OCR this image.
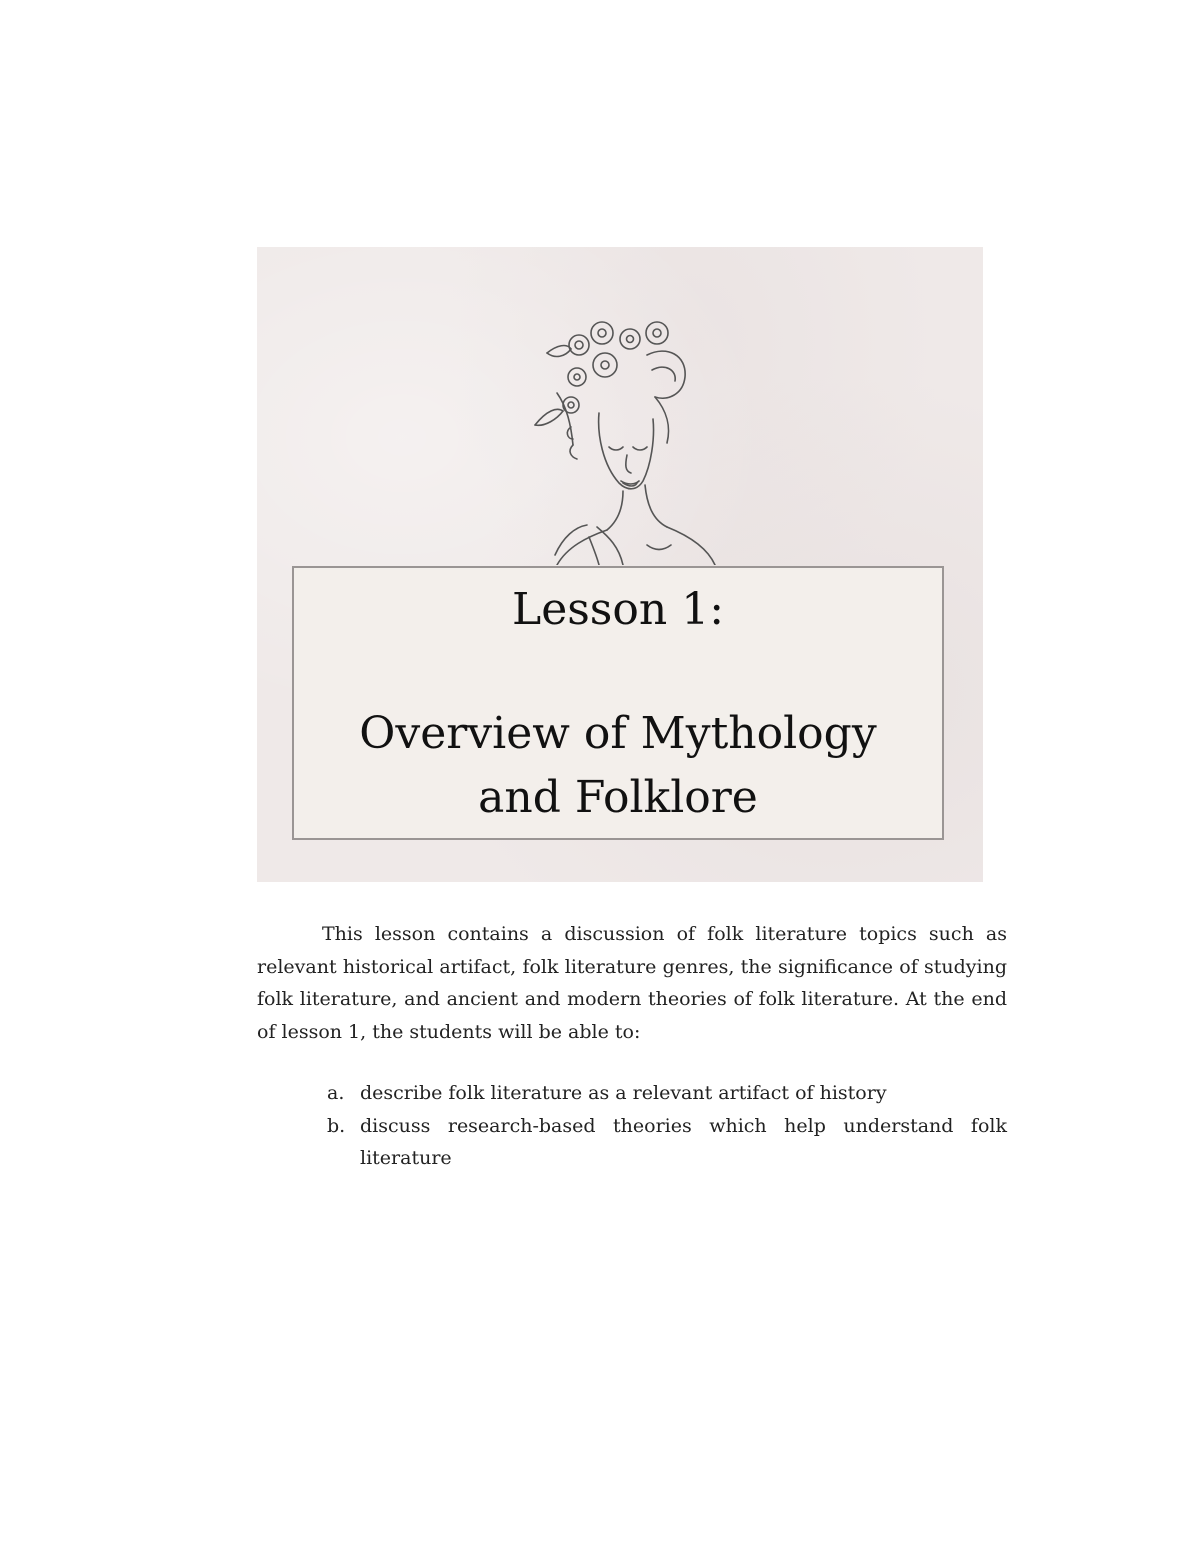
Lesson 1:
Overview of Mythology
and Folklore

This lesson contains a discussion of folk literature topics such as relevant historical artifact, folk literature genres, the significance of studying folk literature, and ancient and modern theories of folk literature. At the end of lesson 1, the students will be able to:

a. describe folk literature as a relevant artifact of history
b. discuss research-based theories which help understand folk literature
